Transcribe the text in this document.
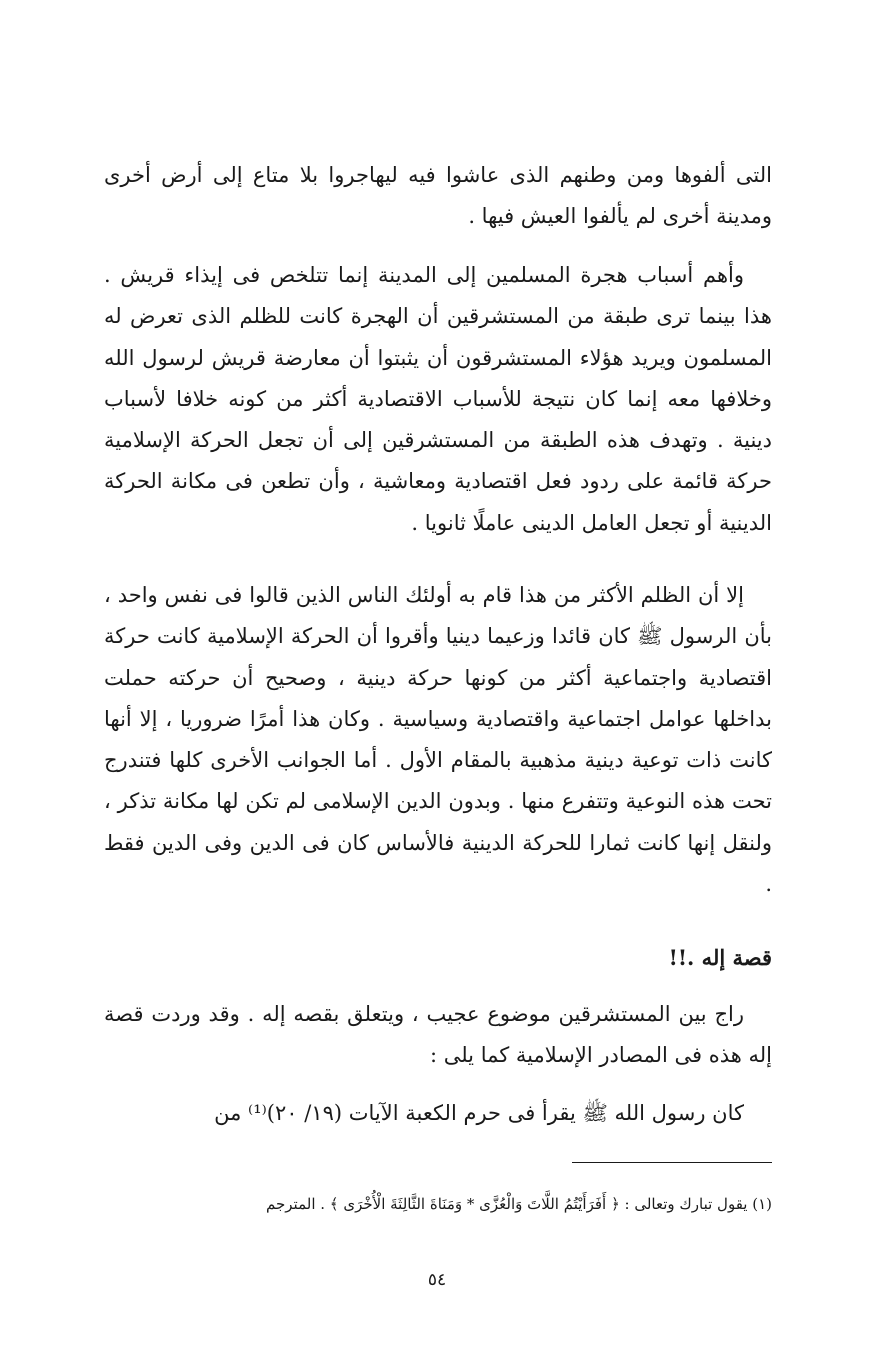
التى ألفوها ومن وطنهم الذى عاشوا فيه ليهاجروا بلا متاع إلى أرض أخرى ومدينة أخرى لم يألفوا العيش فيها .

وأهم أسباب هجرة المسلمين إلى المدينة إنما تتلخص فى إيذاء قريش . هذا بينما ترى طبقة من المستشرقين أن الهجرة كانت للظلم الذى تعرض له المسلمون ويريد هؤلاء المستشرقون أن يثبتوا أن معارضة قريش لرسول الله وخلافها معه إنما كان نتيجة للأسباب الاقتصادية أكثر من كونه خلافا لأسباب دينية . وتهدف هذه الطبقة من المستشرقين إلى أن تجعل الحركة الإسلامية حركة قائمة على ردود فعل اقتصادية ومعاشية ، وأن تطعن فى مكانة الحركة الدينية أو تجعل العامل الدينى عاملًا ثانويا .

إلا أن الظلم الأكثر من هذا قام به أولئك الناس الذين قالوا فى نفس واحد ، بأن الرسول ﷺ كان قائدا وزعيما دينيا وأقروا أن الحركة الإسلامية كانت حركة اقتصادية واجتماعية أكثر من كونها حركة دينية ، وصحيح أن حركته حملت بداخلها عوامل اجتماعية واقتصادية وسياسية . وكان هذا أمرًا ضروريا ، إلا أنها كانت ذات توعية دينية مذهبية بالمقام الأول . أما الجوانب الأخرى كلها فتندرج تحت هذه النوعية وتتفرع منها . وبدون الدين الإسلامى لم تكن لها مكانة تذكر ، ولنقل إنها كانت ثمارا للحركة الدينية فالأساس كان فى الدين وفى الدين فقط .

قصة إله .!!

راج بين المستشرقين موضوع عجيب ، ويتعلق بقصه إله . وقد وردت قصة إله هذه فى المصادر الإسلامية كما يلى :

كان رسول الله ﷺ يقرأ فى حرم الكعبة الآيات (١٩/ ٢٠)⁽¹⁾ من

(١) يقول تبارك وتعالى : ﴿ أَفَرَأَيْتُمُ اللَّاتَ وَالْعُزَّى * وَمَنَاةَ الثَّالِثَةَ الْأُخْرَى ﴾ . المترجم

٥٤
